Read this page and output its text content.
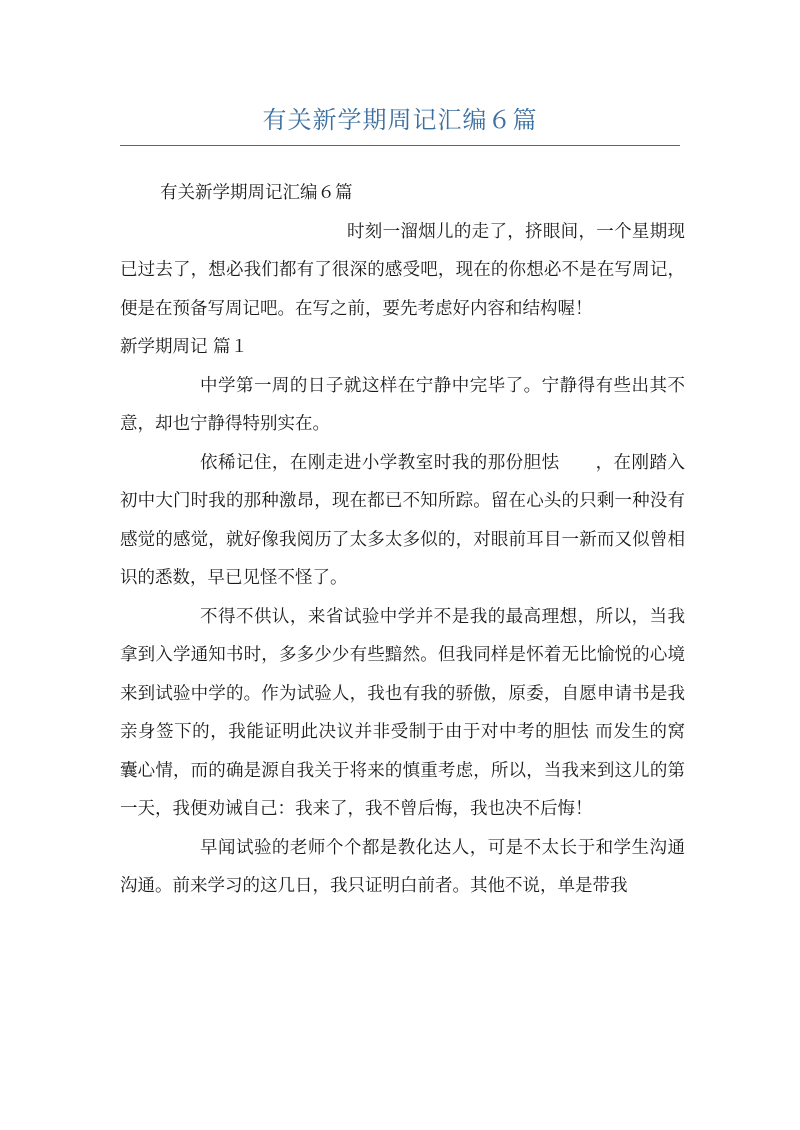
有关新学期周记汇编６篇

有关新学期周记汇编６篇

时刻一溜烟儿的走了，挤眼间，一个星期现已过去了，想必我们都有了很深的感受吧，现在的你想必不是在写周记，便是在预备写周记吧。在写之前，要先考虑好内容和结构喔！

新学期周记 篇１

中学第一周的日子就这样在宁静中完毕了。宁静得有些出其不意，却也宁静得特别实在。

依稀记住，在刚走进小学教室时我的那份胆怯　　，在刚踏入初中大门时我的那种激昂，现在都已不知所踪。留在心头的只剩一种没有感觉的感觉，就好像我阅历了太多太多似的，对眼前耳目一新而又似曾相识的悉数，早已见怪不怪了。

不得不供认，来省试验中学并不是我的最高理想，所以，当我拿到入学通知书时，多多少少有些黯然。但我同样是怀着无比愉悦的心境来到试验中学的。作为试验人，我也有我的骄傲，原委，自愿申请书是我亲身签下的，我能证明此决议并非受制于由于对中考的胆怯 而发生的窝囊心情，而的确是源自我关于将来的慎重考虑，所以，当我来到这儿的第一天，我便劝诫自己：我来了，我不曾后悔，我也决不后悔！

早闻试验的老师个个都是教化达人，可是不太长于和学生沟通沟通。前来学习的这几日，我只证明白前者。其他不说，单是带我
